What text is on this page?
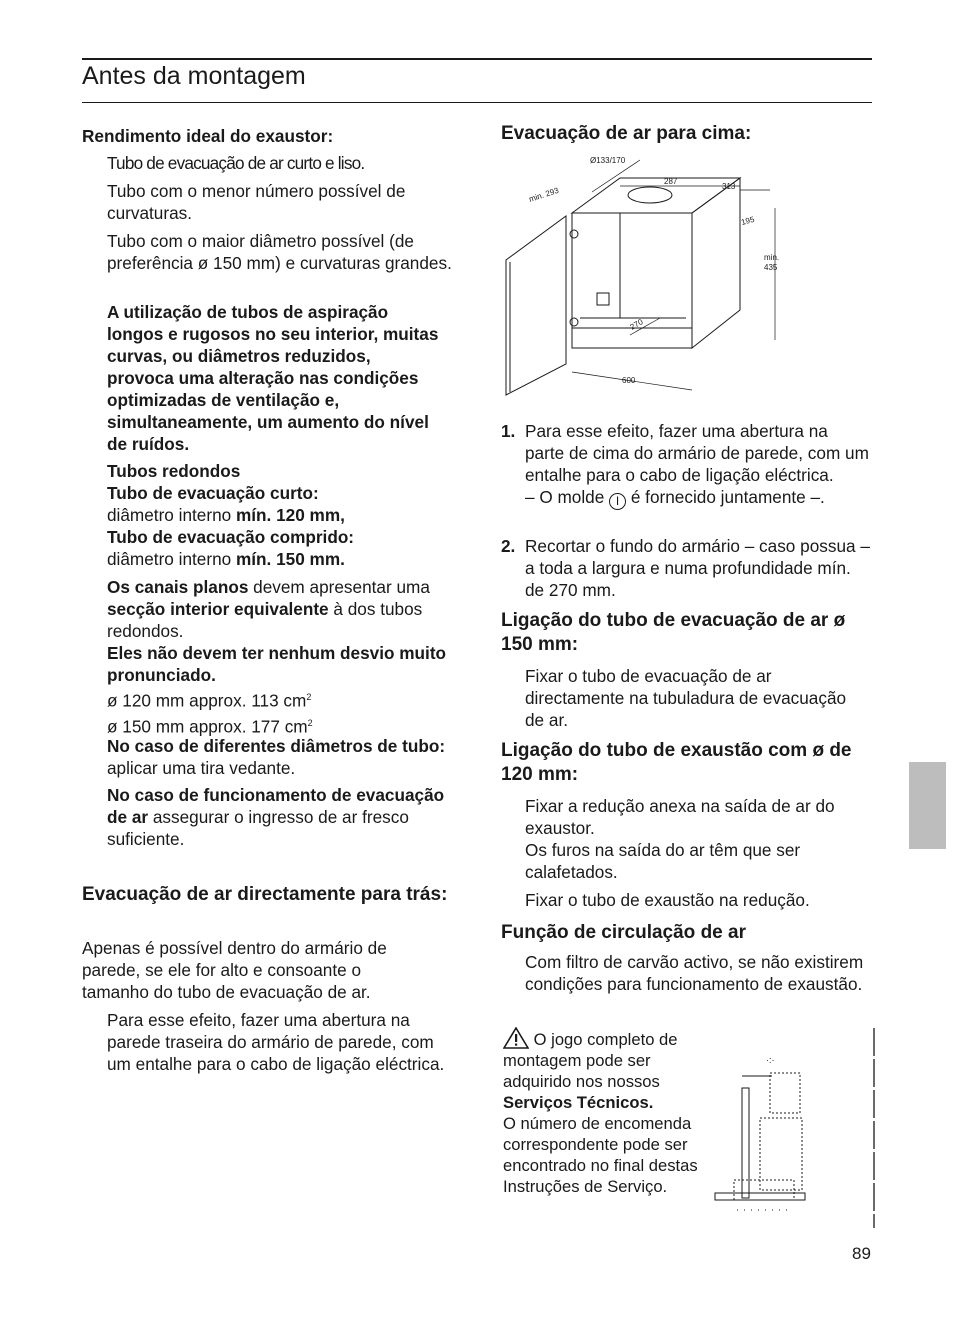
Antes da montagem
Rendimento ideal do exaustor:
Tubo de evacuação de ar curto e liso.
Tubo com o menor número possível de curvaturas.
Tubo com o maior diâmetro possível (de preferência ø 150 mm) e curvaturas grandes.
A utilização de tubos de aspiração longos e rugosos no seu interior, muitas curvas, ou diâmetros reduzidos, provoca uma alteração nas condições optimizadas de ventilação e, simultaneamente, um aumento do nível de ruídos.
Tubos redondos
Tubo de evacuação curto:
diâmetro interno mín. 120 mm,
Tubo de evacuação comprido:
diâmetro interno mín. 150 mm.
Os canais planos devem apresentar uma secção interior equivalente à dos tubos redondos.
Eles não devem ter nenhum desvio muito pronunciado.
ø 120 mm approx. 113 $cm^2$
ø 150 mm approx. 177 $cm^2$
No caso de diferentes diâmetros de tubo: aplicar uma tira vedante.
No caso de funcionamento de evacuação de ar assegurar o ingresso de ar fresco suficiente.
Evacuação de ar directamente para trás:
Apenas é possível dentro do armário de parede, se ele for alto e consoante o tamanho do tubo de evacuação de ar.
Para esse efeito, fazer uma abertura na parede traseira do armário de parede, com um entalhe para o cabo de ligação eléctrica.
Evacuação de ar para cima:
Ø133/170
287
313
min. 293
195
min.
435
270
600
1. Para esse efeito, fazer uma abertura na parte de cima do armário de parede, com um entalhe para o cabo de ligação eléctrica.
– O molde I é fornecido juntamente –.
2. Recortar o fundo do armário – caso possua – a toda a largura e numa profundidade mín. de 270 mm.
Ligação do tubo de evacuação de ar ø 150 mm:
Fixar o tubo de evacuação de ar directamente na tubuladura de evacuação de ar.
Ligação do tubo de exaustão com ø de 120 mm:
Fixar a redução anexa na saída de ar do exaustor.
Os furos na saída do ar têm que ser calafetados.
Fixar o tubo de exaustão na redução.
Função de circulação de ar
Com filtro de carvão activo, se não existirem condições para funcionamento de exaustão.
O jogo completo de montagem pode ser adquirido nos nossos Serviços Técnicos.
O número de encomenda correspondente pode ser encontrado no final destas Instruções de Serviço.
·:·
89
